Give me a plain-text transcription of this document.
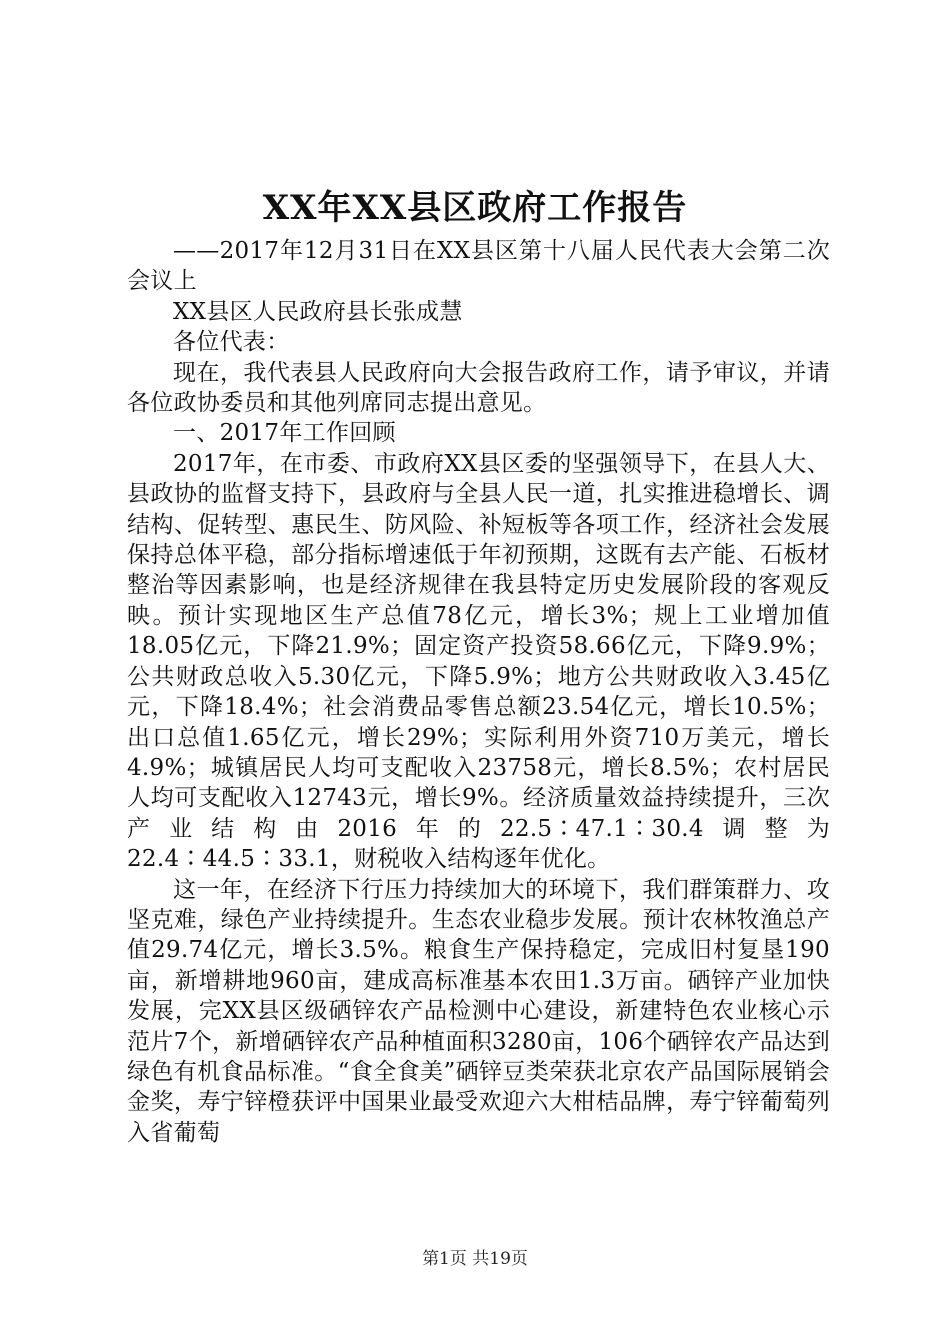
XX年XX县区政府工作报告

——2017年12月31日在XX县区第十八届人民代表大会第二次会议上

XX县区人民政府县长张成慧

各位代表：

现在，我代表县人民政府向大会报告政府工作，请予审议，并请各位政协委员和其他列席同志提出意见。

一、2017年工作回顾

2017年，在市委、市政府XX县区委的坚强领导下，在县人大、县政协的监督支持下，县政府与全县人民一道，扎实推进稳增长、调结构、促转型、惠民生、防风险、补短板等各项工作，经济社会发展保持总体平稳，部分指标增速低于年初预期，这既有去产能、石板材整治等因素影响，也是经济规律在我县特定历史发展阶段的客观反映。预计实现地区生产总值78亿元，增长3%；规上工业增加值18.05亿元，下降21.9%；固定资产投资58.66亿元，下降9.9%；公共财政总收入5.30亿元，下降5.9%；地方公共财政收入3.45亿元，下降18.4%；社会消费品零售总额23.54亿元，增长10.5%；出口总值1.65亿元，增长29%；实际利用外资710万美元，增长4.9%；城镇居民人均可支配收入23758元，增长8.5%；农村居民人均可支配收入12743元，增长9%。经济质量效益持续提升，三次产业结构由2016年的22.5∶47.1∶30.4调整为22.4∶44.5∶33.1，财税收入结构逐年优化。

这一年，在经济下行压力持续加大的环境下，我们群策群力、攻坚克难，绿色产业持续提升。生态农业稳步发展。预计农林牧渔总产值29.74亿元，增长3.5%。粮食生产保持稳定，完成旧村复垦190亩，新增耕地960亩，建成高标准基本农田1.3万亩。硒锌产业加快发展，完XX县区级硒锌农产品检测中心建设，新建特色农业核心示范片7个，新增硒锌农产品种植面积3280亩，106个硒锌农产品达到绿色有机食品标准。“食全食美”硒锌豆类荣获北京农产品国际展销会金奖，寿宁锌橙获评中国果业最受欢迎六大柑桔品牌，寿宁锌葡萄列入省葡萄

第1页 共19页
